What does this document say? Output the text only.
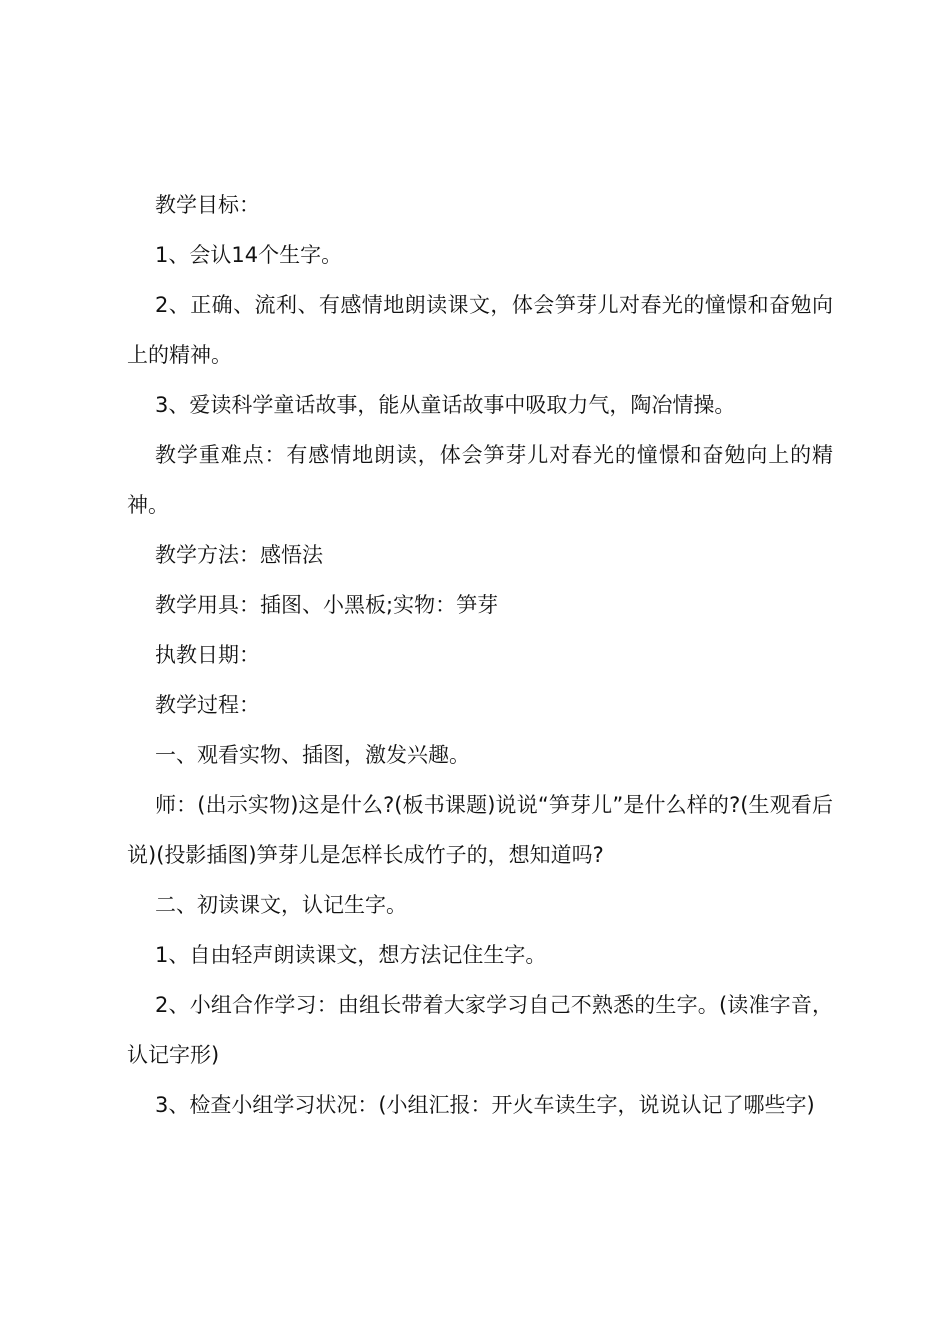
教学目标：

1、会认14个生字。

2、正确、流利、有感情地朗读课文，体会笋芽儿对春光的憧憬和奋勉向上的精神。

3、爱读科学童话故事，能从童话故事中吸取力气，陶冶情操。

教学重难点：有感情地朗读，体会笋芽儿对春光的憧憬和奋勉向上的精神。

教学方法：感悟法

教学用具：插图、小黑板;实物：笋芽

执教日期：

教学过程：

一、观看实物、插图，激发兴趣。

师：(出示实物)这是什么?(板书课题)说说“笋芽儿”是什么样的?(生观看后说)(投影插图)笋芽儿是怎样长成竹子的，想知道吗?

二、初读课文，认记生字。

1、自由轻声朗读课文，想方法记住生字。

2、小组合作学习：由组长带着大家学习自己不熟悉的生字。(读准字音，认记字形)

3、检查小组学习状况：(小组汇报：开火车读生字，说说认记了哪些字)
